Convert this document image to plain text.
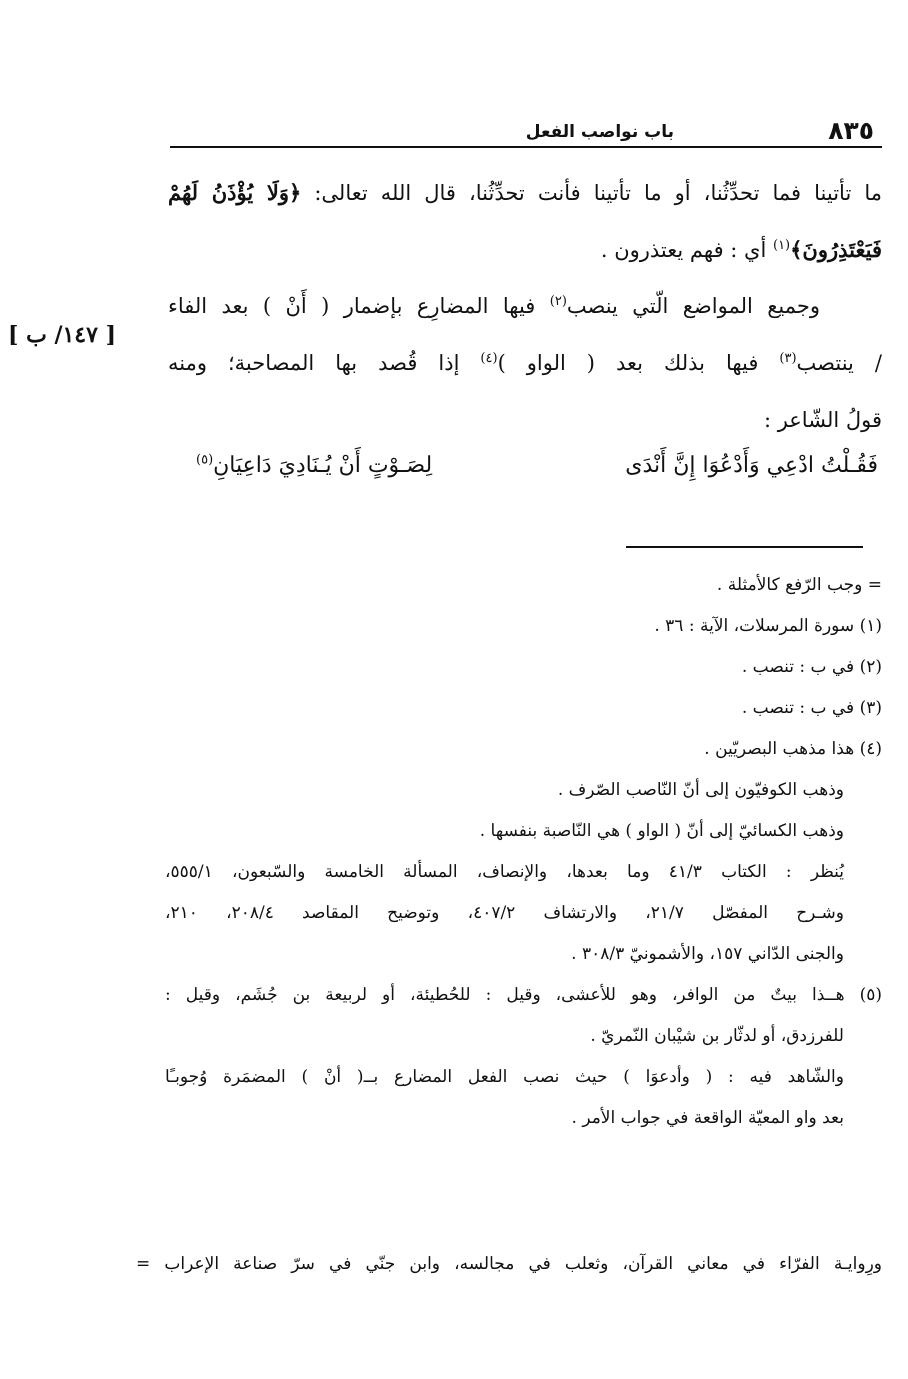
٨٣٥
باب نواصب الفعل
[ ١٤٧/ ب ]
ما تأتينا فما تحدِّثُنا، أو ما تأتينا فأنت تحدِّثُنا، قال الله تعالى: ﴿وَلَا يُؤْذَنُ لَهُمْ
فَيَعْتَذِرُونَ﴾$^{(١)}$ أي : فهم يعتذرون .
وجميع المواضع الّتي ينصب$^{(٢)}$ فيها المضارِع بإضمار ( أَنْ ) بعد الفاء
/ ينتصب$^{(٣)}$ فيها بذلك بعد ( الواو )$^{(٤)}$ إذا قُصد بها المصاحبة؛ ومنه
قولُ الشّاعر :
فَقُـلْتُ ادْعِي وَأَدْعُوَا إِنَّ أَنْدَى
لِصَـوْتٍ أَنْ يُـنَادِيَ دَاعِيَانِ$^{(٥)}$
= وجب الرّفع كالأمثلة .
(١) سورة المرسلات، الآية : ٣٦ .
(٢) في ب : تنصب .
(٣) في ب : تنصب .
(٤) هذا مذهب البصريّين .
وذهب الكوفيّون إلى أنّ النّاصب الصّرف .
وذهب الكسائيّ إلى أنّ ( الواو ) هي النّاصبة بنفسها .
يُنظر : الكتاب ٤١/٣ وما بعدها، والإنصاف، المسألة الخامسة والسّبعون، ٥٥٥/١،
وشـرح المفصّل ٢١/٧، والارتشاف ٤٠٧/٢، وتوضيح المقاصد ٢٠٨/٤، ٢١٠،
والجنى الدّاني ١٥٧، والأشمونيّ ٣٠٨/٣ .
(٥) هــذا بيتٌ من الوافر، وهو للأعشى، وقيل : للحُطيئة، أو لربيعة بن جُشَم، وقيل :
للفرزدق، أو لدثّار بن شيْبان النّمريّ .
والشّاهد فيه : ( وأدعوَا ) حيث نصب الفعل المضارع بــ( أنْ ) المضمَرة وُجوبـًا
بعد واو المعيّة الواقعة في جواب الأمر .
ورِوايـة الفرّاء في معاني القرآن، وثعلب في مجالسه، وابن جنّي في سرّ صناعة الإعراب =
